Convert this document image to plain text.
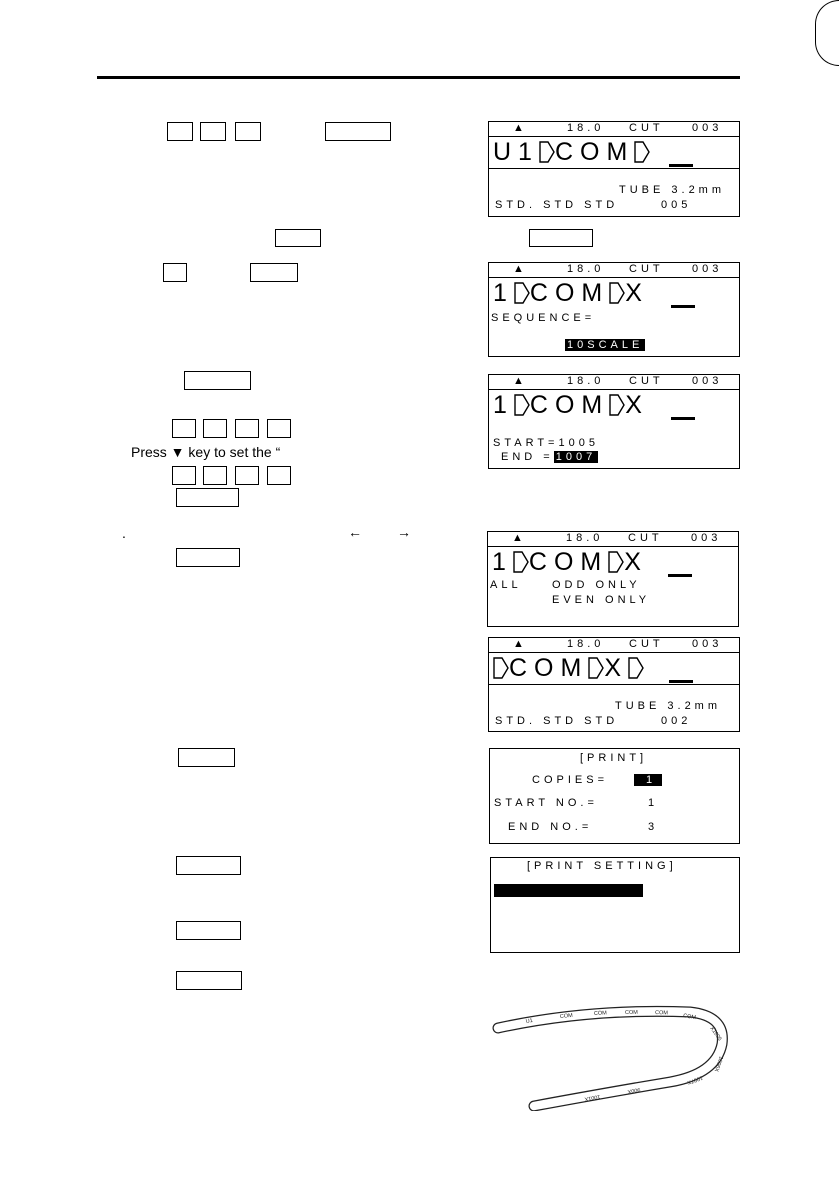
▲	18.0 CUT	003
U1 COM
TUBE 3.2mm
STD. STD STD	005
▲	18.0 CUT	003
1 COM X
SEQUENCE=
10SCALE
▲	18.0 CUT	003
1 COM X
START=1005
END = 1007
Press ▼ key to set the “
.	←	→	▲	18.0 CUT	003
1 COM X
ALL	ODD ONLY
EVEN ONLY
▲	18.0 CUT	003
COM X
TUBE 3.2mm
STD. STD STD	002
[PRINT]
COPIES=	1
START NO.=	1
END NO.=	3
[PRINT SETTING]
U1
COM	COM	COM	COM	COM
X1005
1006X
1007X
900X
1001X
